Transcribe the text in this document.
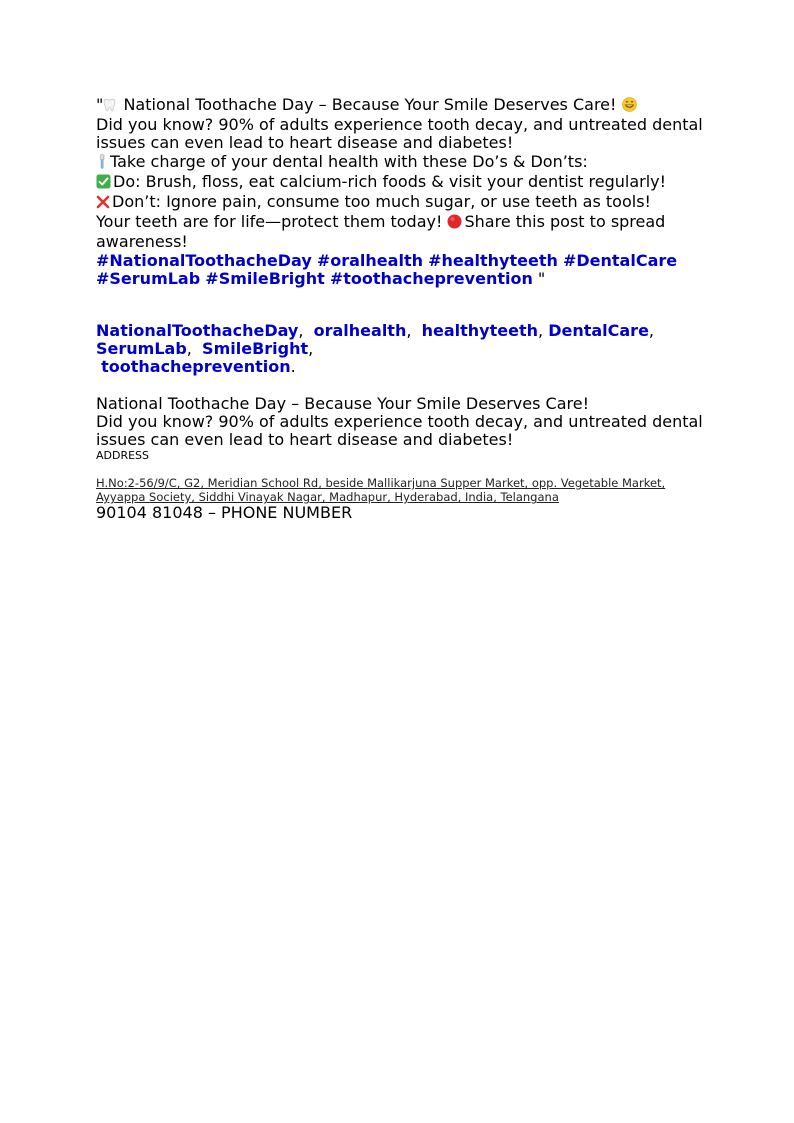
" National Toothache Day – Because Your Smile Deserves Care!
Did you know? 90% of adults experience tooth decay, and untreated dental
issues can even lead to heart disease and diabetes!
Take charge of your dental health with these Do’s & Don’ts:
Do: Brush, floss, eat calcium-rich foods & visit your dentist regularly!
Don’t: Ignore pain, consume too much sugar, or use teeth as tools!
Your teeth are for life—protect them today! Share this post to spread
awareness!
#NationalToothacheDay #oralhealth #healthyteeth #DentalCare
#SerumLab #SmileBright #toothacheprevention "
NationalToothacheDay, oralhealth, healthyteeth, DentalCare,
SerumLab, SmileBright,
toothacheprevention.
National Toothache Day – Because Your Smile Deserves Care!
Did you know? 90% of adults experience tooth decay, and untreated dental
issues can even lead to heart disease and diabetes!
ADDRESS
H.No:2-56/9/C, G2, Meridian School Rd, beside Mallikarjuna Supper Market, opp. Vegetable Market,
Ayyappa Society, Siddhi Vinayak Nagar, Madhapur, Hyderabad, India, Telangana
90104 81048 – PHONE NUMBER
